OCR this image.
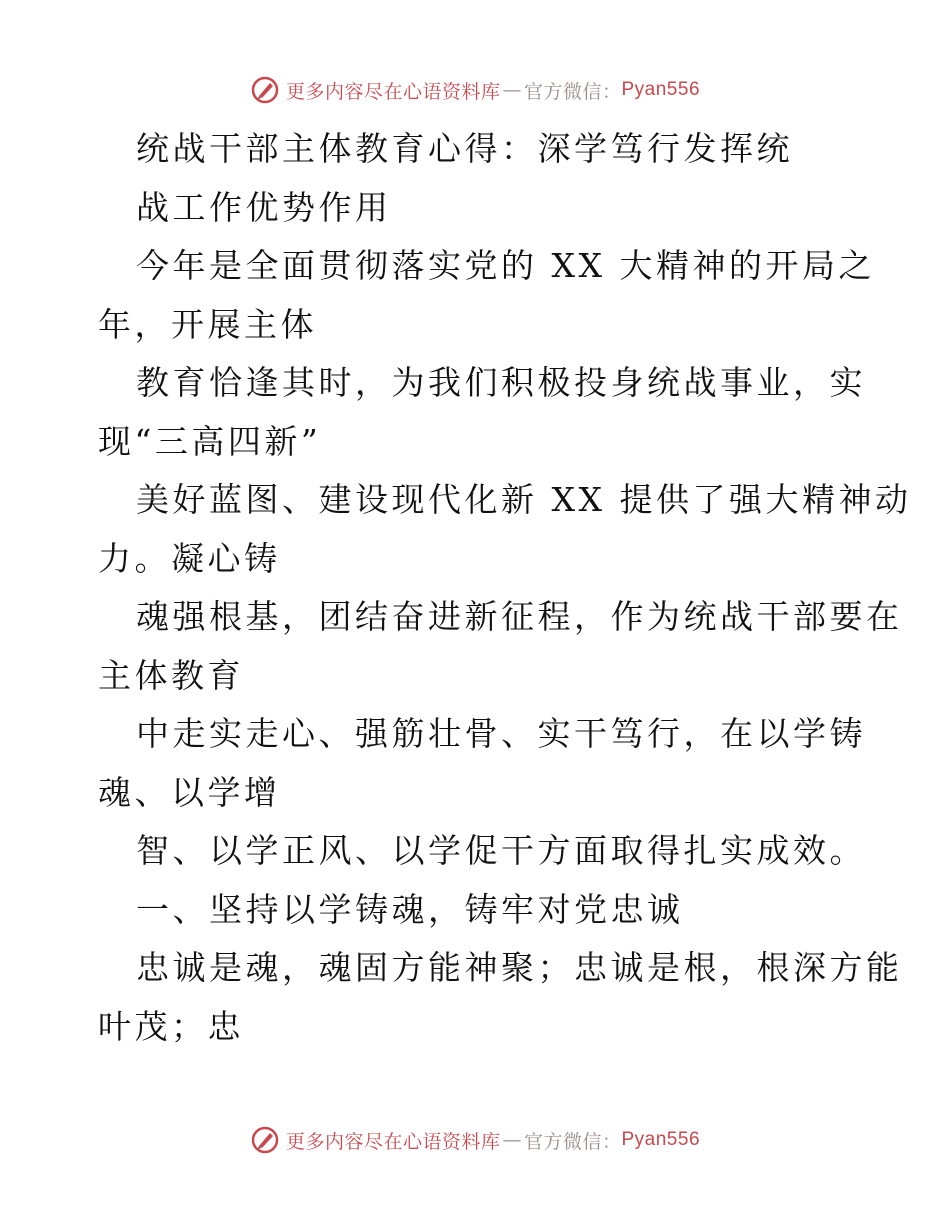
更多内容尽在心语资料库 — 官方微信： Pyan556
统战干部主体教育心得：深学笃行发挥统
战工作优势作用
今年是全面贯彻落实党的 XX 大精神的开局之
年，开展主体
教育恰逢其时，为我们积极投身统战事业，实
现“三高四新”
美好蓝图、建设现代化新 XX 提供了强大精神动
力。凝心铸
魂强根基，团结奋进新征程，作为统战干部要在
主体教育
中走实走心、强筋壮骨、实干笃行，在以学铸
魂、以学增
智、以学正风、以学促干方面取得扎实成效。
一、坚持以学铸魂，铸牢对党忠诚
忠诚是魂，魂固方能神聚；忠诚是根，根深方能
叶茂；忠
更多内容尽在心语资料库 — 官方微信： Pyan556
